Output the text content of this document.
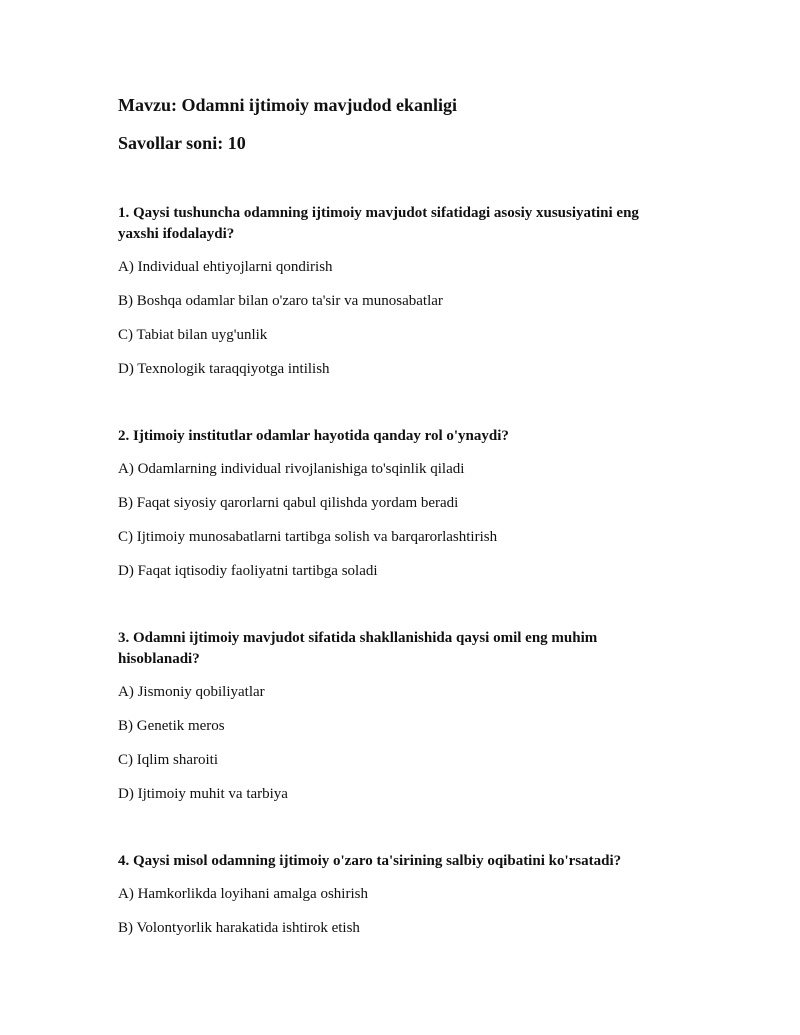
Mavzu: Odamni ijtimoiy mavjudod ekanligi
Savollar soni: 10

1. Qaysi tushuncha odamning ijtimoiy mavjudot sifatidagi asosiy xususiyatini eng yaxshi ifodalaydi?

A) Individual ehtiyojlarni qondirish
B) Boshqa odamlar bilan o'zaro ta'sir va munosabatlar
C) Tabiat bilan uyg'unlik
D) Texnologik taraqqiyotga intilish

2. Ijtimoiy institutlar odamlar hayotida qanday rol o'ynaydi?

A) Odamlarning individual rivojlanishiga to'sqinlik qiladi
B) Faqat siyosiy qarorlarni qabul qilishda yordam beradi
C) Ijtimoiy munosabatlarni tartibga solish va barqarorlashtirish
D) Faqat iqtisodiy faoliyatni tartibga soladi

3. Odamni ijtimoiy mavjudot sifatida shakllanishida qaysi omil eng muhim hisoblanadi?

A) Jismoniy qobiliyatlar
B) Genetik meros
C) Iqlim sharoiti
D) Ijtimoiy muhit va tarbiya

4. Qaysi misol odamning ijtimoiy o'zaro ta'sirining salbiy oqibatini ko'rsatadi?

A) Hamkorlikda loyihani amalga oshirish
B) Volontyorlik harakatida ishtirok etish
